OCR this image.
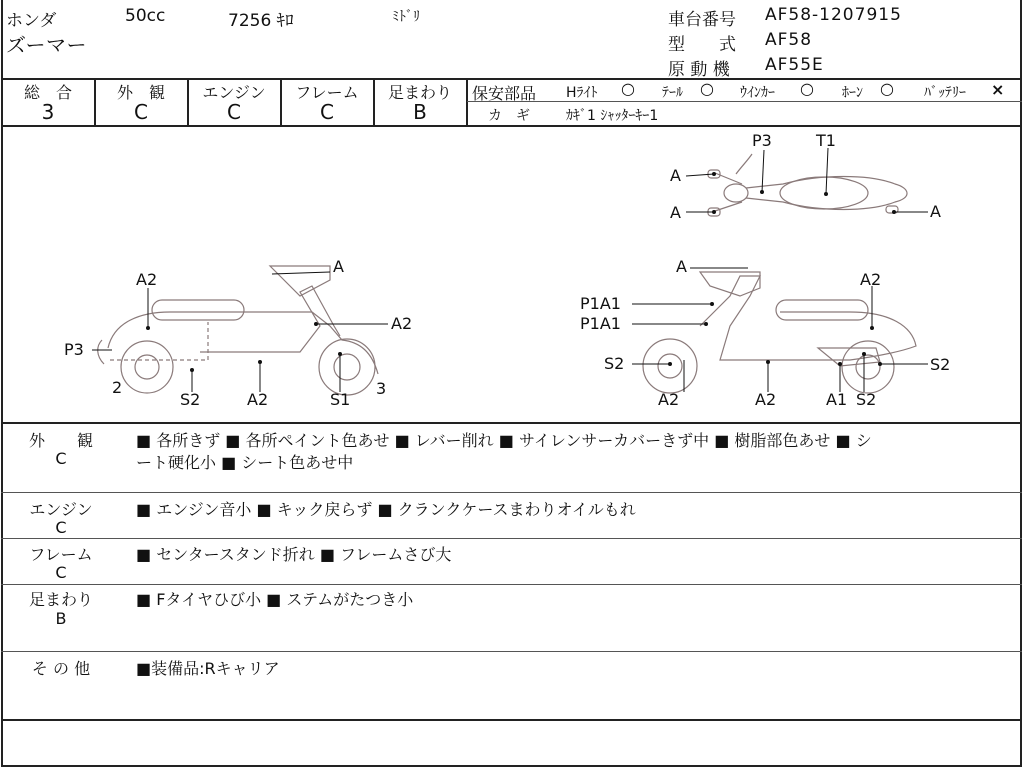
ホンダ	50cc	7256 ｷﾛ	ﾐﾄﾞﾘ
ズーマー
車台番号 AF58-1207915
型　　式 AF58
原 動 機 AF55E
総　合
3
外　観
C
エンジン
C
フレーム
C
足まわり
B
保安部品 Hﾗｲﾄ ○ ﾃｰﾙ ○ ｳｲﾝｶｰ ○ ﾎｰﾝ ○ ﾊﾞｯﾃﾘｰ ×
カ　ギ	ｶｷﾞ1 ｼｬｯﾀｰｷｰ1
P3	T1
A
A	A
A
A2
A2
P3
2
S2	A2	S1
3
A
A2
P1A1
P1A1
S2
A2	A2	A1 S2
S2
外　　観
C
■ 各所きず ■ 各所ペイント色あせ ■ レバー削れ ■ サイレンサーカバーきず中 ■ 樹脂部色あせ ■ シ
ート硬化小 ■ シート色あせ中
エンジン
C
■ エンジン音小 ■ キック戻らず ■ クランクケースまわりオイルもれ
フレーム
C
■ センタースタンド折れ ■ フレームさび大
足まわり
B
■ Fタイヤひび小 ■ ステムがたつき小
そ の 他	■装備品:Rキャリア
